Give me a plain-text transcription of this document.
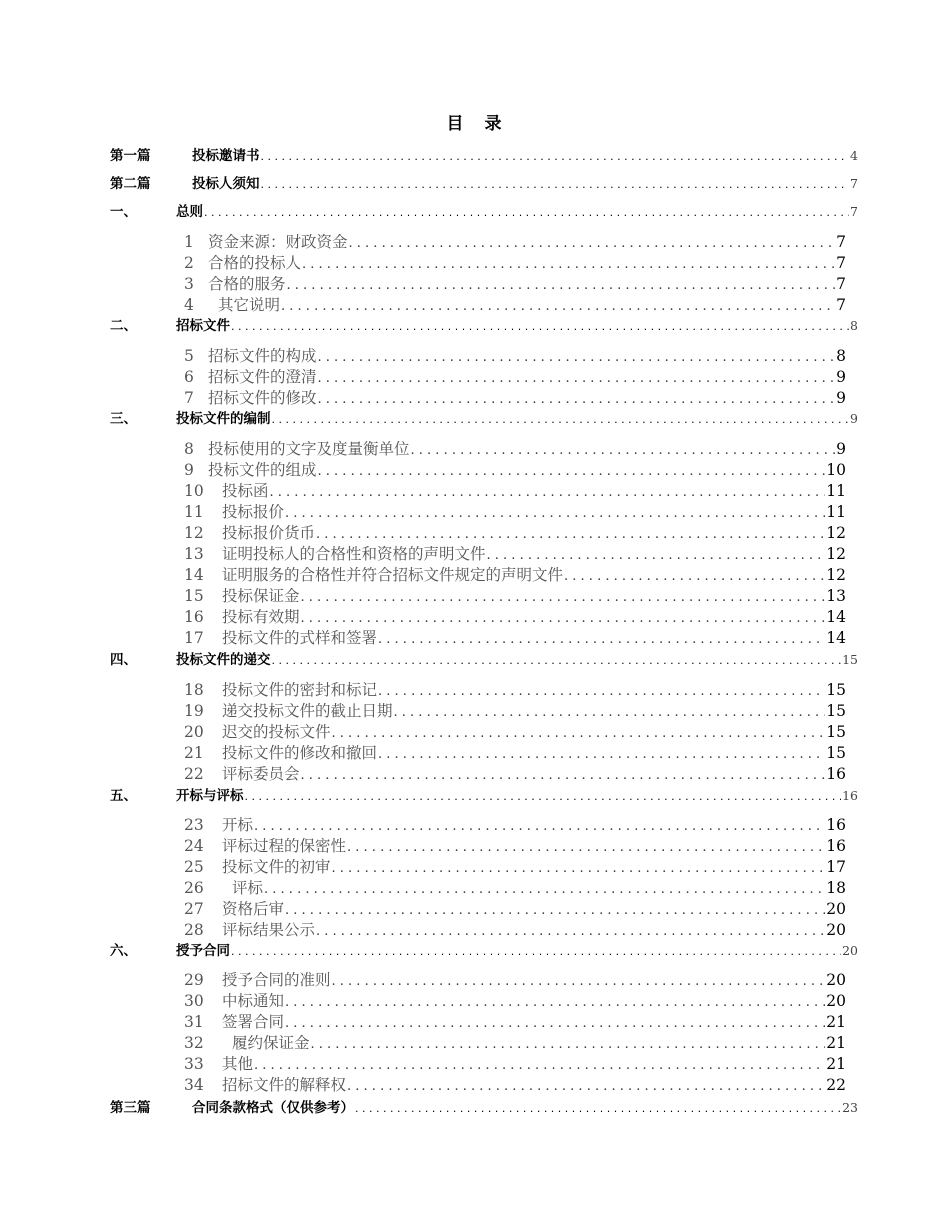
目　录
第一篇	投标邀请书 . . .	4
第二篇	投标人须知 . . .	7
一、	总则 . . .	7
1 资金来源：财政资金 . . .	7
2 合格的投标人 . . .	7
3 合格的服务 . . .	7
4	其它说明 . . .	7
二、	招标文件 . . .	8
5 招标文件的构成 . . .	8
6 招标文件的澄清 . . .	9
7 招标文件的修改 . . .	9
三、	投标文件的编制 . . .	9
8 投标使用的文字及度量衡单位 . . .	9
9 投标文件的组成 . . .	10
10	投标函 . . .	11
11	投标报价 . . .	11
12	投标报价货币 . . .	12
13	证明投标人的合格性和资格的声明文件 . . .	12
14	证明服务的合格性并符合招标文件规定的声明文件 . . .	12
15	投标保证金 . . .	13
16	投标有效期 . . .	14
17	投标文件的式样和签署 . . .	14
四、	投标文件的递交 . . .	15
18	投标文件的密封和标记 . . .	15
19	递交投标文件的截止日期 . . .	15
20	迟交的投标文件 . . .	15
21	投标文件的修改和撤回 . . .	15
22	评标委员会 . . .	16
五、	开标与评标 . . .	16
23	开标 . . .	16
24	评标过程的保密性 . . .	16
25	投标文件的初审 . . .	17
26	评标 . . .	18
27	资格后审 . . .	20
28	评标结果公示 . . .	20
六、	授予合同 . . .	20
29	授予合同的准则 . . .	20
30	中标通知 . . .	20
31	签署合同 . . .	21
32	履约保证金 . . .	21
33	其他 . . .	21
34	招标文件的解释权 . . .	22
第三篇	合同条款格式（仅供参考） . . .	23
